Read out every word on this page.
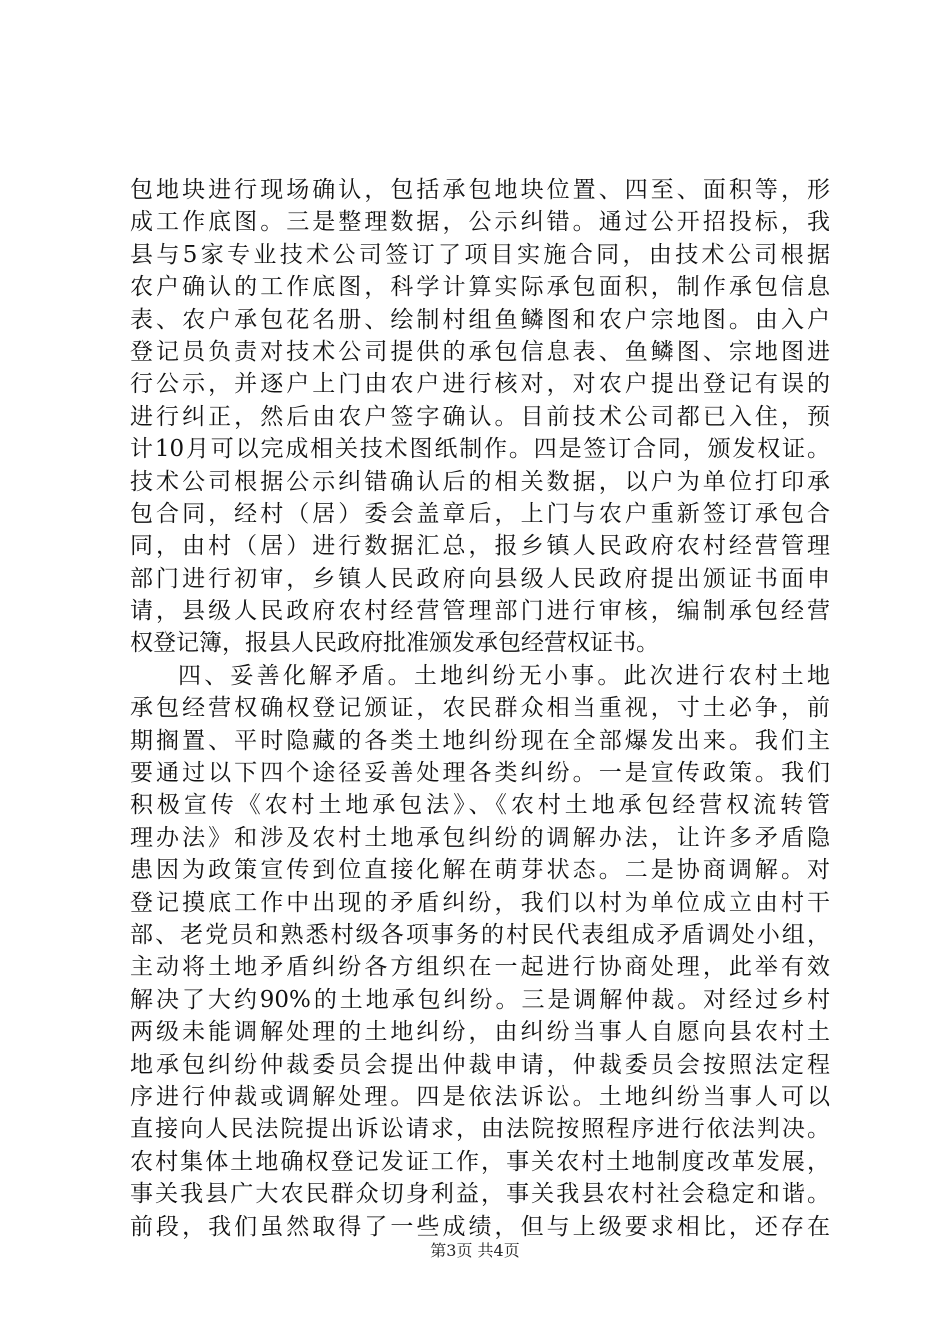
包地块进行现场确认，包括承包地块位置、四至、面积等，形
成工作底图。三是整理数据，公示纠错。通过公开招投标，我
县与5家专业技术公司签订了项目实施合同，由技术公司根据
农户确认的工作底图，科学计算实际承包面积，制作承包信息
表、农户承包花名册、绘制村组鱼鳞图和农户宗地图。由入户
登记员负责对技术公司提供的承包信息表、鱼鳞图、宗地图进
行公示，并逐户上门由农户进行核对，对农户提出登记有误的
进行纠正，然后由农户签字确认。目前技术公司都已入住，预
计10月可以完成相关技术图纸制作。四是签订合同，颁发权证。
技术公司根据公示纠错确认后的相关数据，以户为单位打印承
包合同，经村（居）委会盖章后，上门与农户重新签订承包合
同，由村（居）进行数据汇总，报乡镇人民政府农村经营管理
部门进行初审，乡镇人民政府向县级人民政府提出颁证书面申
请，县级人民政府农村经营管理部门进行审核，编制承包经营
权登记簿，报县人民政府批准颁发承包经营权证书。
四、妥善化解矛盾。土地纠纷无小事。此次进行农村土地
承包经营权确权登记颁证，农民群众相当重视，寸土必争，前
期搁置、平时隐藏的各类土地纠纷现在全部爆发出来。我们主
要通过以下四个途径妥善处理各类纠纷。一是宣传政策。我们
积极宣传《农村土地承包法》、《农村土地承包经营权流转管
理办法》和涉及农村土地承包纠纷的调解办法，让许多矛盾隐
患因为政策宣传到位直接化解在萌芽状态。二是协商调解。对
登记摸底工作中出现的矛盾纠纷，我们以村为单位成立由村干
部、老党员和熟悉村级各项事务的村民代表组成矛盾调处小组，
主动将土地矛盾纠纷各方组织在一起进行协商处理，此举有效
解决了大约90%的土地承包纠纷。三是调解仲裁。对经过乡村
两级未能调解处理的土地纠纷，由纠纷当事人自愿向县农村土
地承包纠纷仲裁委员会提出仲裁申请，仲裁委员会按照法定程
序进行仲裁或调解处理。四是依法诉讼。土地纠纷当事人可以
直接向人民法院提出诉讼请求，由法院按照程序进行依法判决。
农村集体土地确权登记发证工作，事关农村土地制度改革发展，
事关我县广大农民群众切身利益，事关我县农村社会稳定和谐。
前段，我们虽然取得了一些成绩，但与上级要求相比，还存在
第3页 共4页
